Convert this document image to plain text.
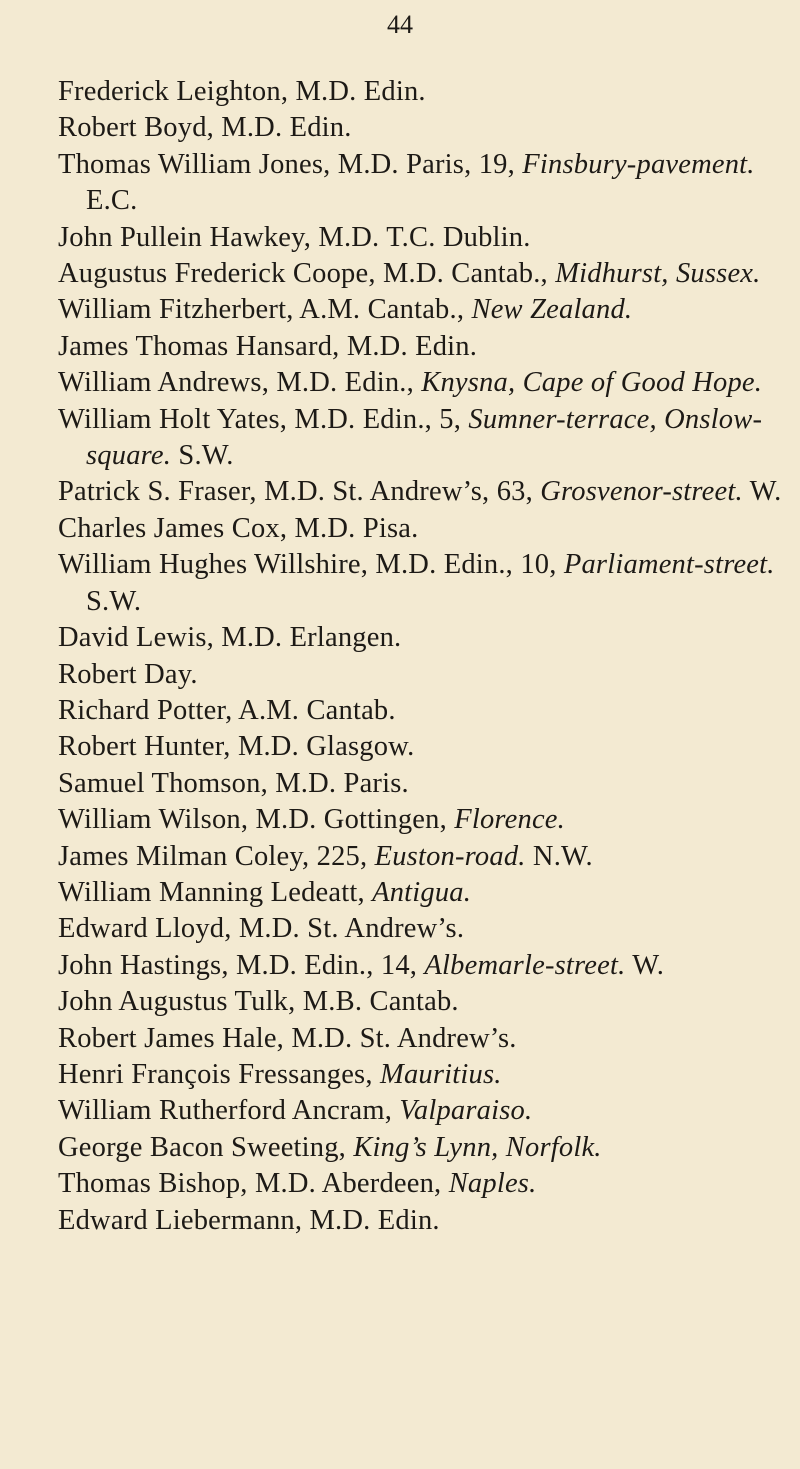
44
Frederick Leighton, M.D. Edin.
Robert Boyd, M.D. Edin.
Thomas William Jones, M.D. Paris, 19, Finsbury-pavement. E.C.
John Pullein Hawkey, M.D. T.C. Dublin.
Augustus Frederick Coope, M.D. Cantab., Midhurst, Sussex.
William Fitzherbert, A.M. Cantab., New Zealand.
James Thomas Hansard, M.D. Edin.
William Andrews, M.D. Edin., Knysna, Cape of Good Hope.
William Holt Yates, M.D. Edin., 5, Sumner-terrace, Onslow-square. S.W.
Patrick S. Fraser, M.D. St. Andrew’s, 63, Grosvenor-street. W.
Charles James Cox, M.D. Pisa.
William Hughes Willshire, M.D. Edin., 10, Parliament-street. S.W.
David Lewis, M.D. Erlangen.
Robert Day.
Richard Potter, A.M. Cantab.
Robert Hunter, M.D. Glasgow.
Samuel Thomson, M.D. Paris.
William Wilson, M.D. Gottingen, Florence.
James Milman Coley, 225, Euston-road. N.W.
William Manning Ledeatt, Antigua.
Edward Lloyd, M.D. St. Andrew’s.
John Hastings, M.D. Edin., 14, Albemarle-street. W.
John Augustus Tulk, M.B. Cantab.
Robert James Hale, M.D. St. Andrew’s.
Henri François Fressanges, Mauritius.
William Rutherford Ancram, Valparaiso.
George Bacon Sweeting, King’s Lynn, Norfolk.
Thomas Bishop, M.D. Aberdeen, Naples.
Edward Liebermann, M.D. Edin.
